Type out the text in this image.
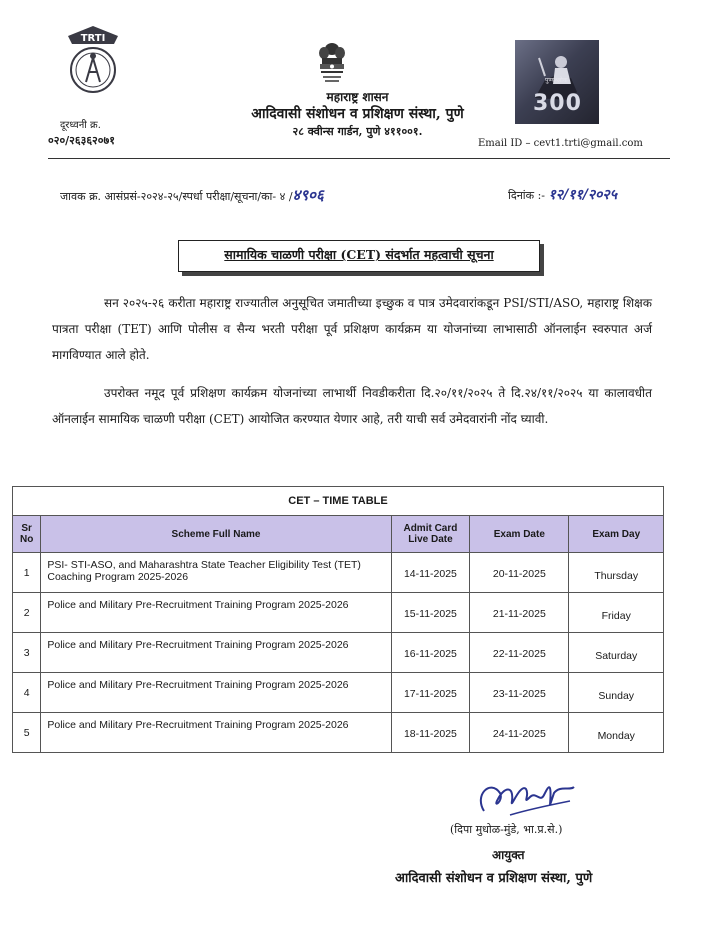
TRTI
पुण्यश्लोक
300
महाराष्ट्र शासन
आदिवासी संशोधन व प्रशिक्षण संस्था, पुणे
२८ क्वीन्स गार्डन, पुणे ४११००१.
दूरध्वनी क्र.
०२०/२६३६२०७१	Email ID – cevt1.trti@gmail.com
जावक क्र. आसंप्रसं-२०२४-२५/स्पर्धा परीक्षा/सूचना/का- ४ /४९०६	दिनांक :- १२/११/२०२५
सामायिक चाळणी परीक्षा (CET) संदर्भात महत्वाची सूचना
सन २०२५-२६ करीता महाराष्ट्र राज्यातील अनुसूचित जमातीच्या इच्छुक व पात्र उमेदवारांकडून PSI/STI/ASO, महाराष्ट्र शिक्षक पात्रता परीक्षा (TET) आणि पोलीस व सैन्य भरती परीक्षा पूर्व प्रशिक्षण कार्यक्रम या योजनांच्या लाभासाठी ऑनलाईन स्वरुपात अर्ज मागविण्यात आले होते.
उपरोक्त नमूद पूर्व प्रशिक्षण कार्यक्रम योजनांच्या लाभार्थी निवडीकरीता दि.२०/११/२०२५ ते दि.२४/११/२०२५ या कालावधीत ऑनलाईन सामायिक चाळणी परीक्षा (CET) आयोजित करण्यात येणार आहे, तरी याची सर्व उमेदवारांनी नोंद घ्यावी.
CET – TIME TABLE				
Sr No	Scheme Full Name	Admit Card Live Date	Exam Date	Exam Day
1	PSI- STI-ASO, and Maharashtra State Teacher Eligibility Test (TET) Coaching Program 2025-2026	14-11-2025	20-11-2025	Thursday
2	Police and Military Pre-Recruitment Training Program 2025-2026	15-11-2025	21-11-2025	Friday
3	Police and Military Pre-Recruitment Training Program 2025-2026	16-11-2025	22-11-2025	Saturday
4	Police and Military Pre-Recruitment Training Program 2025-2026	17-11-2025	23-11-2025	Sunday
5	Police and Military Pre-Recruitment Training Program 2025-2026	18-11-2025	24-11-2025	Monday
(दिपा मुधोळ-मुंडे, भा.प्र.से.)
आयुक्त
आदिवासी संशोधन व प्रशिक्षण संस्था, पुणे
